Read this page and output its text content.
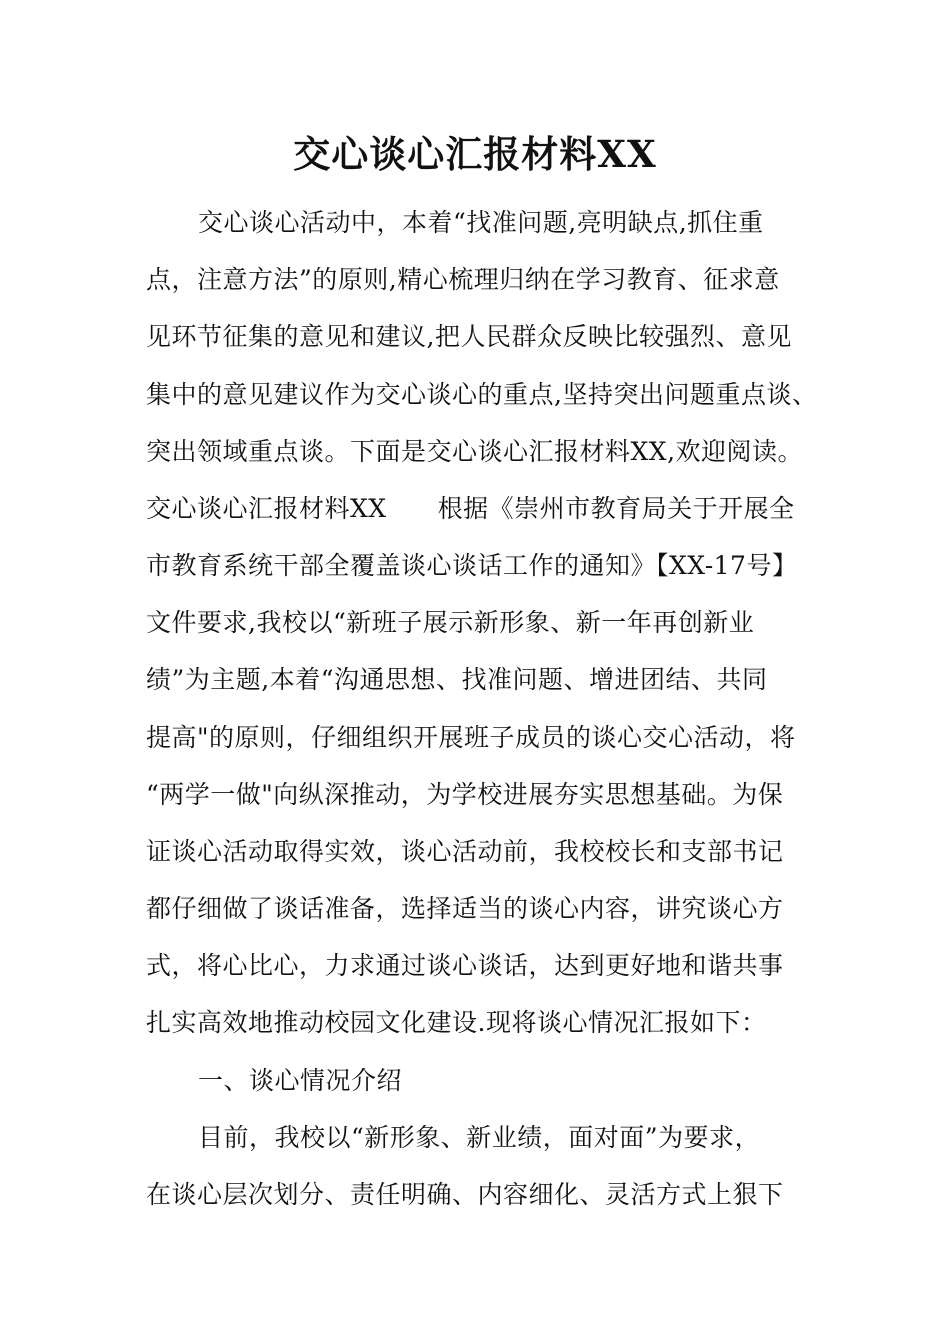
交心谈心汇报材料XX
交心谈心活动中，本着“找准问题,亮明缺点,抓住重
点，注意方法”的原则,精心梳理归纳在学习教育、征求意
见环节征集的意见和建议,把人民群众反映比较强烈、意见
集中的意见建议作为交心谈心的重点,坚持突出问题重点谈、
突出领域重点谈。下面是交心谈心汇报材料XX,欢迎阅读。
交心谈心汇报材料XX　　根据《崇州市教育局关于开展全
市教育系统干部全覆盖谈心谈话工作的通知》【XX-17号】
文件要求,我校以“新班子展示新形象、新一年再创新业
绩”为主题,本着“沟通思想、找准问题、增进团结、共同
提高"的原则，仔细组织开展班子成员的谈心交心活动，将
“两学一做"向纵深推动，为学校进展夯实思想基础。为保
证谈心活动取得实效，谈心活动前，我校校长和支部书记
都仔细做了谈话准备，选择适当的谈心内容，讲究谈心方
式，将心比心，力求通过谈心谈话，达到更好地和谐共事
扎实高效地推动校园文化建设.现将谈心情况汇报如下：
一、谈心情况介绍
目前，我校以“新形象、新业绩，面对面”为要求，
在谈心层次划分、责任明确、内容细化、灵活方式上狠下
